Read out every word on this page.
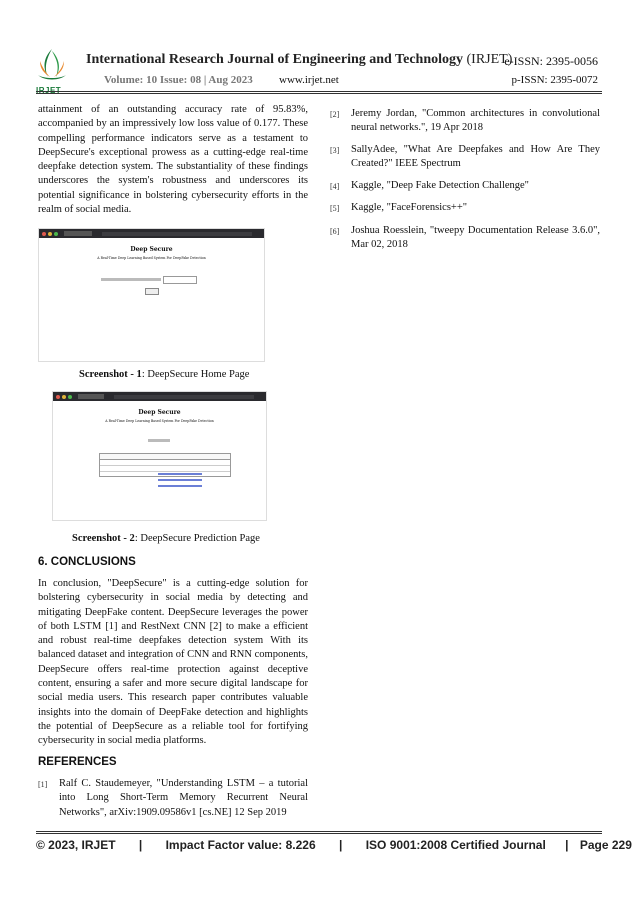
International Research Journal of Engineering and Technology (IRJET)
e-ISSN: 2395-0056
Volume: 10 Issue: 08 | Aug 2023 www.irjet.net	p-ISSN: 2395-0072
attainment of an outstanding accuracy rate of 95.83%, accompanied by an impressively low loss value of 0.177. These compelling performance indicators serve as a testament to DeepSecure's exceptional prowess as a cutting-edge real-time deepfake detection system. The substantiality of these findings underscores the system's robustness and underscores its potential significance in bolstering cybersecurity efforts in the realm of social media.
Deep Secure
A Real-Time Deep Learning Based System For DeepFake Detection
Screenshot - 1: DeepSecure Home Page
Deep Secure
A Real-Time Deep Learning Based System For DeepFake Detection
Screenshot - 2: DeepSecure Prediction Page
6. CONCLUSIONS
In conclusion, "DeepSecure" is a cutting-edge solution for bolstering cybersecurity in social media by detecting and mitigating DeepFake content. DeepSecure leverages the power of both LSTM [1] and RestNext CNN [2] to make a efficient and robust real-time deepfakes detection system With its balanced dataset and integration of CNN and RNN components, DeepSecure offers real-time protection against deceptive content, ensuring a safer and more secure digital landscape for social media users. This research paper contributes valuable insights into the domain of DeepFake detection and highlights the potential of DeepSecure as a reliable tool for fortifying cybersecurity in social media platforms.
REFERENCES
[1] Ralf C. Staudemeyer, "Understanding LSTM – a tutorial into Long Short-Term Memory Recurrent Neural Networks", arXiv:1909.09586v1 [cs.NE] 12 Sep 2019
[2] Jeremy Jordan, "Common architectures in convolutional neural networks.", 19 Apr 2018
[3] SallyAdee, "What Are Deepfakes and How Are They Created?" IEEE Spectrum
[4] Kaggle, "Deep Fake Detection Challenge"
[5] Kaggle, "FaceForensics++"
[6] Joshua Roesslein, "tweepy Documentation Release 3.6.0", Mar 02, 2018
© 2023, IRJET | Impact Factor value: 8.226 | ISO 9001:2008 Certified Journal | Page 229
